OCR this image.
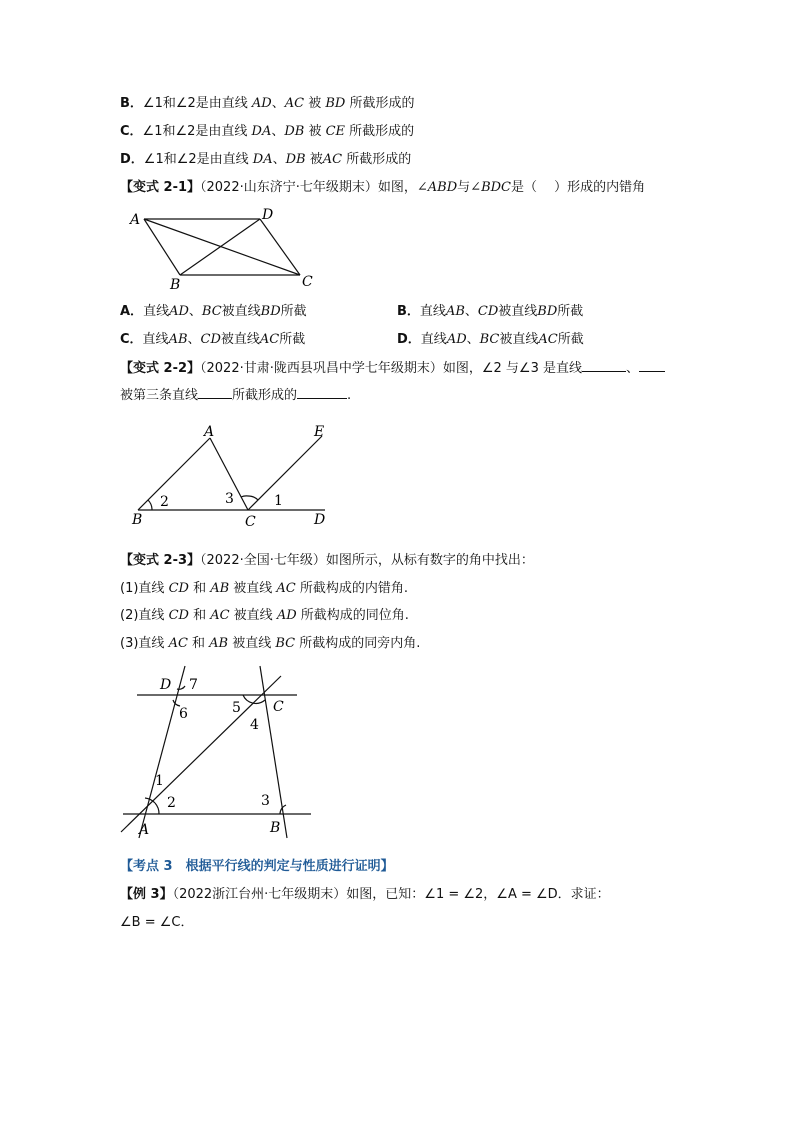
B．∠1和∠2是由直线 AD、AC 被 BD 所截形成的
C．∠1和∠2是由直线 DA、DB 被 CE 所截形成的
D．∠1和∠2是由直线 DA、DB 被AC 所截形成的
【变式 2-1】（2022·山东济宁·七年级期末）如图，∠ABD与∠BDC是（　 ）形成的内错角
A	D
B	C
A．直线AD、BC被直线BD所截	B．直线AB、CD被直线BD所截
C．直线AB、CD被直线AC所截	D．直线AD、BC被直线AC所截
【变式 2-2】（2022·甘肃·陇西县巩昌中学七年级期末）如图，∠2 与∠3 是直线	、
被第三条直线	所截形成的	.
A	E
B	C	D
1
2	3
【变式 2-3】（2022·全国·七年级）如图所示，从标有数字的角中找出：
(1)直线 CD 和 AB 被直线 AC 所截构成的内错角.
(2)直线 CD 和 AC 被直线 AD 所截构成的同位角.
(3)直线 AC 和 AB 被直线 BC 所截构成的同旁内角.
D
C
A	B
1
2	3
4
5
6
7
【考点 3　根据平行线的判定与性质进行证明】
【例 3】（2022浙江台州·七年级期末）如图，已知：∠1 = ∠2，∠A = ∠D．求证：
∠B = ∠C．
